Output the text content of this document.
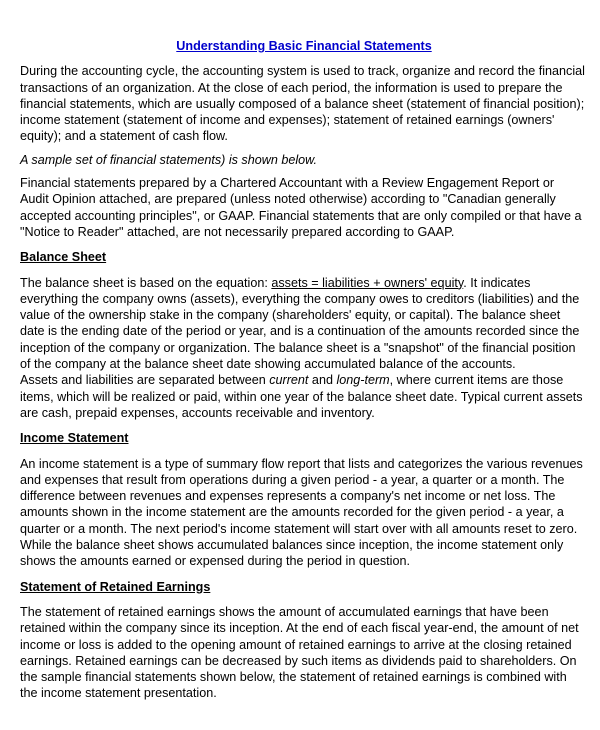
Understanding Basic Financial Statements

During the accounting cycle, the accounting system is used to track, organize and record the financial
transactions of an organization. At the close of each period, the information is used to prepare the
financial statements, which are usually composed of a balance sheet (statement of financial position);
income statement (statement of income and expenses); statement of retained earnings (owners'
equity); and a statement of cash flow.

A sample set of financial statements) is shown below.

Financial statements prepared by a Chartered Accountant with a Review Engagement Report or
Audit Opinion attached, are prepared (unless noted otherwise) according to "Canadian generally
accepted accounting principles", or GAAP. Financial statements that are only compiled or that have a
"Notice to Reader" attached, are not necessarily prepared according to GAAP.

Balance Sheet

The balance sheet is based on the equation: assets = liabilities + owners' equity. It indicates
everything the company owns (assets), everything the company owes to creditors (liabilities) and the
value of the ownership stake in the company (shareholders' equity, or capital). The balance sheet
date is the ending date of the period or year, and is a continuation of the amounts recorded since the
inception of the company or organization. The balance sheet is a "snapshot" of the financial position
of the company at the balance sheet date showing accumulated balance of the accounts.
Assets and liabilities are separated between current and long-term, where current items are those
items, which will be realized or paid, within one year of the balance sheet date. Typical current assets
are cash, prepaid expenses, accounts receivable and inventory.

Income Statement

An income statement is a type of summary flow report that lists and categorizes the various revenues
and expenses that result from operations during a given period - a year, a quarter or a month. The
difference between revenues and expenses represents a company's net income or net loss. The
amounts shown in the income statement are the amounts recorded for the given period - a year, a
quarter or a month. The next period's income statement will start over with all amounts reset to zero.
While the balance sheet shows accumulated balances since inception, the income statement only
shows the amounts earned or expensed during the period in question.

Statement of Retained Earnings

The statement of retained earnings shows the amount of accumulated earnings that have been
retained within the company since its inception. At the end of each fiscal year-end, the amount of net
income or loss is added to the opening amount of retained earnings to arrive at the closing retained
earnings. Retained earnings can be decreased by such items as dividends paid to shareholders. On
the sample financial statements shown below, the statement of retained earnings is combined with
the income statement presentation.
